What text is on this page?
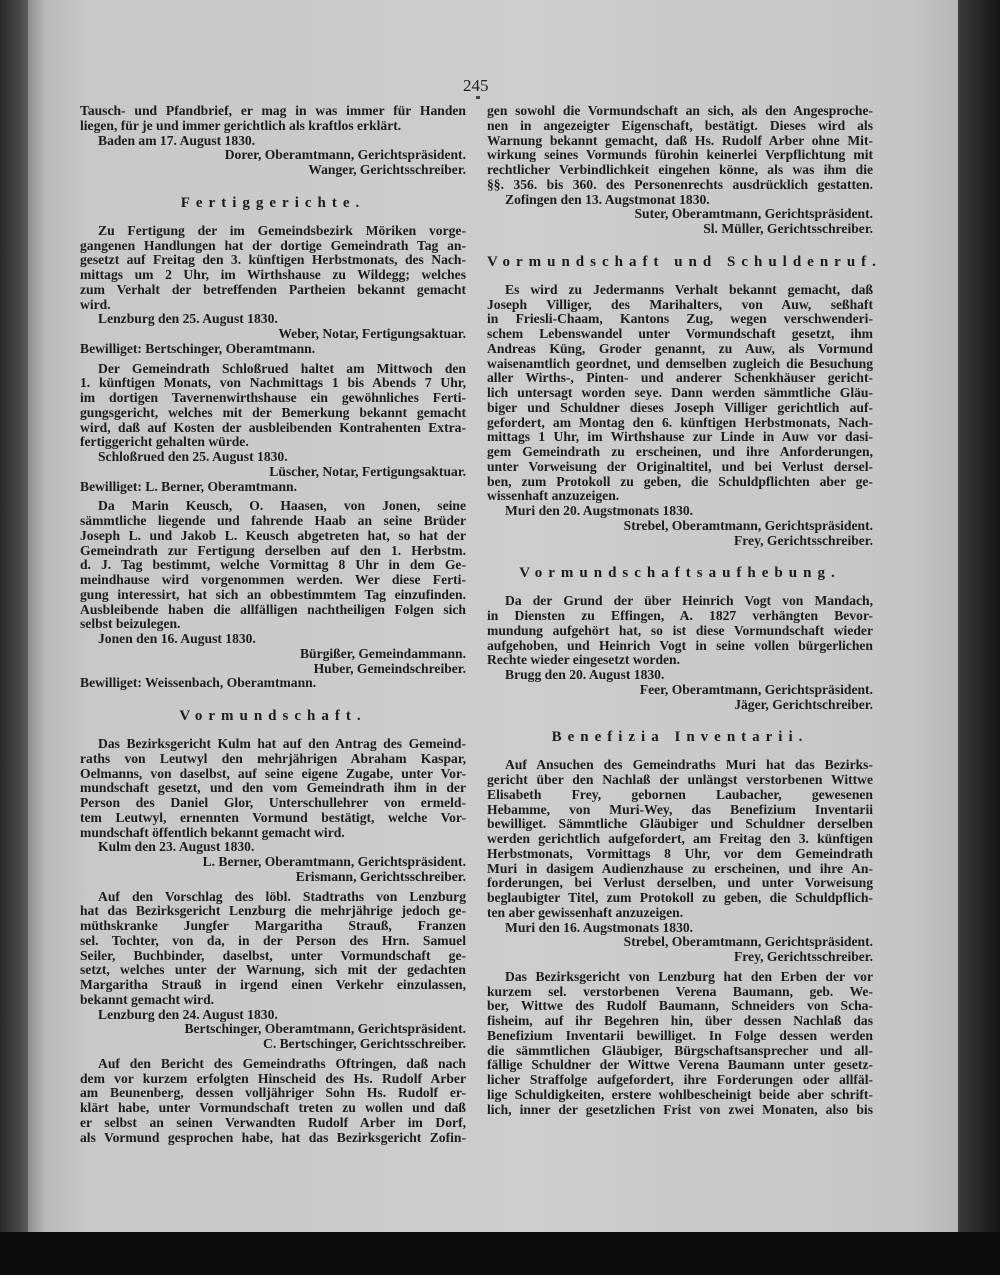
245
Tausch- und Pfandbrief, er mag in was immer für Handen
liegen, für je und immer gerichtlich als kraftlos erklärt.
Baden am 17. August 1830.
Dorer, Oberamtmann, Gerichtspräsident.
Wanger, Gerichtsschreiber.
Fertiggerichte.
Zu Fertigung der im Gemeindsbezirk Möriken vorge-
gangenen Handlungen hat der dortige Gemeindrath Tag an-
gesetzt auf Freitag den 3. künftigen Herbstmonats, des Nach-
mittags um 2 Uhr, im Wirthshause zu Wildegg; welches
zum Verhalt der betreffenden Partheien bekannt gemacht
wird.
Lenzburg den 25. August 1830.
Weber, Notar, Fertigungsaktuar.
Bewilliget: Bertschinger, Oberamtmann.
Der Gemeindrath Schloßrued haltet am Mittwoch den
1. künftigen Monats, von Nachmittags 1 bis Abends 7 Uhr,
im dortigen Tavernenwirthshause ein gewöhnliches Ferti-
gungsgericht, welches mit der Bemerkung bekannt gemacht
wird, daß auf Kosten der ausbleibenden Kontrahenten Extra-
fertiggericht gehalten würde.
Schloßrued den 25. August 1830.
Lüscher, Notar, Fertigungsaktuar.
Bewilliget: L. Berner, Oberamtmann.
Da Marin Keusch, O. Haasen, von Jonen, seine
sämmtliche liegende und fahrende Haab an seine Brüder
Joseph L. und Jakob L. Keusch abgetreten hat, so hat der
Gemeindrath zur Fertigung derselben auf den 1. Herbstm.
d. J. Tag bestimmt, welche Vormittag 8 Uhr in dem Ge-
meindhause wird vorgenommen werden. Wer diese Ferti-
gung interessirt, hat sich an obbestimmtem Tag einzufinden.
Ausbleibende haben die allfälligen nachtheiligen Folgen sich
selbst beizulegen.
Jonen den 16. August 1830.
Bürgißer, Gemeindammann.
Huber, Gemeindschreiber.
Bewilliget: Weissenbach, Oberamtmann.
Vormundschaft.
Das Bezirksgericht Kulm hat auf den Antrag des Gemeind-
raths von Leutwyl den mehrjährigen Abraham Kaspar,
Oelmanns, von daselbst, auf seine eigene Zugabe, unter Vor-
mundschaft gesetzt, und den vom Gemeindrath ihm in der
Person des Daniel Glor, Unterschullehrer von ermeld-
tem Leutwyl, ernennten Vormund bestätigt, welche Vor-
mundschaft öffentlich bekannt gemacht wird.
Kulm den 23. August 1830.
L. Berner, Oberamtmann, Gerichtspräsident.
Erismann, Gerichtsschreiber.
Auf den Vorschlag des löbl. Stadtraths von Lenzburg
hat das Bezirksgericht Lenzburg die mehrjährige jedoch ge-
müthskranke Jungfer Margaritha Strauß, Franzen
sel. Tochter, von da, in der Person des Hrn. Samuel
Seiler, Buchbinder, daselbst, unter Vormundschaft ge-
setzt, welches unter der Warnung, sich mit der gedachten
Margaritha Strauß in irgend einen Verkehr einzulassen,
bekannt gemacht wird.
Lenzburg den 24. August 1830.
Bertschinger, Oberamtmann, Gerichtspräsident.
C. Bertschinger, Gerichtsschreiber.
Auf den Bericht des Gemeindraths Oftringen, daß nach
dem vor kurzem erfolgten Hinscheid des Hs. Rudolf Arber
am Beunenberg, dessen volljähriger Sohn Hs. Rudolf er-
klärt habe, unter Vormundschaft treten zu wollen und daß
er selbst an seinen Verwandten Rudolf Arber im Dorf,
als Vormund gesprochen habe, hat das Bezirksgericht Zofin-
gen sowohl die Vormundschaft an sich, als den Angesproche-
nen in angezeigter Eigenschaft, bestätigt. Dieses wird als
Warnung bekannt gemacht, daß Hs. Rudolf Arber ohne Mit-
wirkung seines Vormunds fürohin keinerlei Verpflichtung mit
rechtlicher Verbindlichkeit eingehen könne, als was ihm die
§§. 356. bis 360. des Personenrechts ausdrücklich gestatten.
Zofingen den 13. Augstmonat 1830.
Suter, Oberamtmann, Gerichtspräsident.
Sl. Müller, Gerichtsschreiber.
Vormundschaft und Schuldenruf.
Es wird zu Jedermanns Verhalt bekannt gemacht, daß
Joseph Villiger, des Marihalters, von Auw, seßhaft
in Friesli-Chaam, Kantons Zug, wegen verschwenderi-
schem Lebenswandel unter Vormundschaft gesetzt, ihm
Andreas Küng, Groder genannt, zu Auw, als Vormund
waisenamtlich geordnet, und demselben zugleich die Besuchung
aller Wirths-, Pinten- und anderer Schenkhäuser gericht-
lich untersagt worden seye. Dann werden sämmtliche Gläu-
biger und Schuldner dieses Joseph Villiger gerichtlich auf-
gefordert, am Montag den 6. künftigen Herbstmonats, Nach-
mittags 1 Uhr, im Wirthshause zur Linde in Auw vor dasi-
gem Gemeindrath zu erscheinen, und ihre Anforderungen,
unter Vorweisung der Originaltitel, und bei Verlust dersel-
ben, zum Protokoll zu geben, die Schuldpflichten aber ge-
wissenhaft anzuzeigen.
Muri den 20. Augstmonats 1830.
Strebel, Oberamtmann, Gerichtspräsident.
Frey, Gerichtsschreiber.
Vormundschaftsaufhebung.
Da der Grund der über Heinrich Vogt von Mandach,
in Diensten zu Effingen, A. 1827 verhängten Bevor-
mundung aufgehört hat, so ist diese Vormundschaft wieder
aufgehoben, und Heinrich Vogt in seine vollen bürgerlichen
Rechte wieder eingesetzt worden.
Brugg den 20. August 1830.
Feer, Oberamtmann, Gerichtspräsident.
Jäger, Gerichtschreiber.
Benefizia Inventarii.
Auf Ansuchen des Gemeindraths Muri hat das Bezirks-
gericht über den Nachlaß der unlängst verstorbenen Wittwe
Elisabeth Frey, gebornen Laubacher, gewesenen
Hebamme, von Muri-Wey, das Benefizium Inventarii
bewilliget. Sämmtliche Gläubiger und Schuldner derselben
werden gerichtlich aufgefordert, am Freitag den 3. künftigen
Herbstmonats, Vormittags 8 Uhr, vor dem Gemeindrath
Muri in dasigem Audienzhause zu erscheinen, und ihre An-
forderungen, bei Verlust derselben, und unter Vorweisung
beglaubigter Titel, zum Protokoll zu geben, die Schuldpflich-
ten aber gewissenhaft anzuzeigen.
Muri den 16. Augstmonats 1830.
Strebel, Oberamtmann, Gerichtspräsident.
Frey, Gerichtsschreiber.
Das Bezirksgericht von Lenzburg hat den Erben der vor
kurzem sel. verstorbenen Verena Baumann, geb. We-
ber, Wittwe des Rudolf Baumann, Schneiders von Scha-
fisheim, auf ihr Begehren hin, über dessen Nachlaß das
Benefizium Inventarii bewilliget. In Folge dessen werden
die sämmtlichen Gläubiger, Bürgschaftsansprecher und all-
fällige Schuldner der Wittwe Verena Baumann unter gesetz-
licher Straffolge aufgefordert, ihre Forderungen oder allfäl-
lige Schuldigkeiten, erstere wohlbescheinigt beide aber schrift-
lich, inner der gesetzlichen Frist von zwei Monaten, also bis
